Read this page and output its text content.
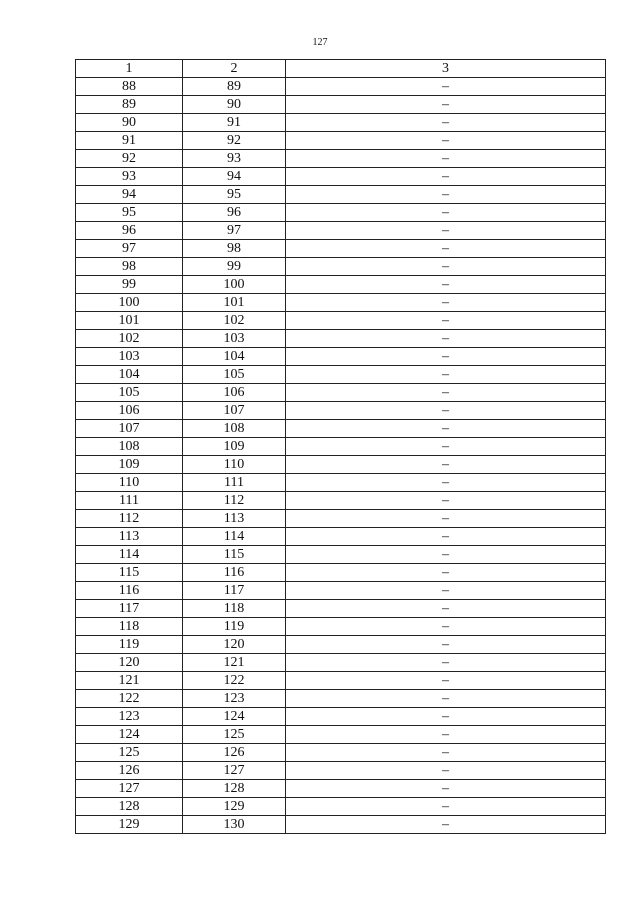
127
1	2	3
88	89	–
89	90	–
90	91	–
91	92	–
92	93	–
93	94	–
94	95	–
95	96	–
96	97	–
97	98	–
98	99	–
99	100	–
100	101	–
101	102	–
102	103	–
103	104	–
104	105	–
105	106	–
106	107	–
107	108	–
108	109	–
109	110	–
110	111	–
111	112	–
112	113	–
113	114	–
114	115	–
115	116	–
116	117	–
117	118	–
118	119	–
119	120	–
120	121	–
121	122	–
122	123	–
123	124	–
124	125	–
125	126	–
126	127	–
127	128	–
128	129	–
129	130	–
